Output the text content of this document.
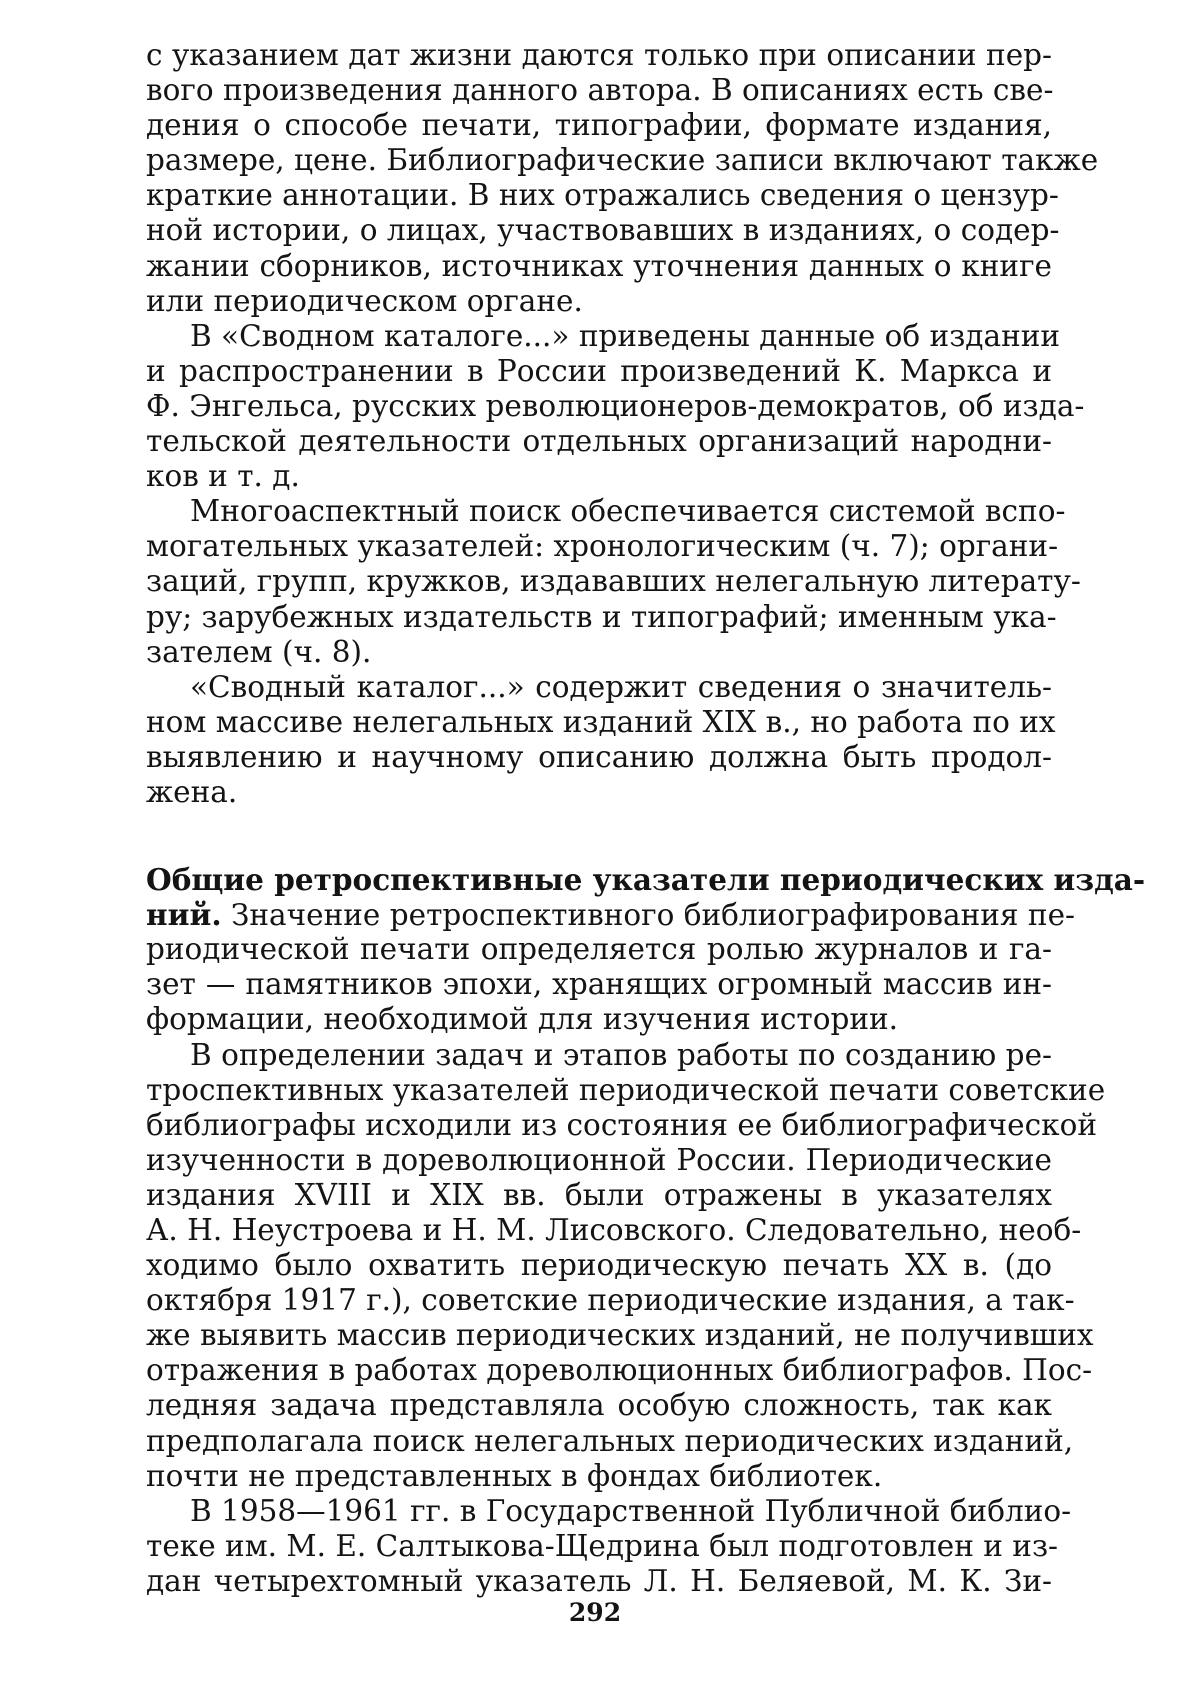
с указанием дат жизни даются только при описании пер-
вого произведения данного автора. В описаниях есть све-
дения о способе печати, типографии, формате издания,
размере, цене. Библиографические записи включают также
краткие аннотации. В них отражались сведения о цензур-
ной истории, о лицах, участвовавших в изданиях, о содер-
жании сборников, источниках уточнения данных о книге
или периодическом органе.

В «Сводном каталоге...» приведены данные об издании
и распространении в России произведений К. Маркса и
Ф. Энгельса, русских революционеров-демократов, об изда-
тельской деятельности отдельных организаций народни-
ков и т. д.

Многоаспектный поиск обеспечивается системой вспо-
могательных указателей: хронологическим (ч. 7); органи-
заций, групп, кружков, издававших нелегальную литерату-
ру; зарубежных издательств и типографий; именным ука-
зателем (ч. 8).

«Сводный каталог...» содержит сведения о значитель-
ном массиве нелегальных изданий XIX в., но работа по их
выявлению и научному описанию должна быть продол-
жена.

Общие ретроспективные указатели периодических изда-
ний. Значение ретроспективного библиографирования пе-
риодической печати определяется ролью журналов и га-
зет — памятников эпохи, хранящих огромный массив ин-
формации, необходимой для изучения истории.

В определении задач и этапов работы по созданию ре-
троспективных указателей периодической печати советские
библиографы исходили из состояния ее библиографической
изученности в дореволюционной России. Периодические
издания XVIII и XIX вв. были отражены в указателях
А. Н. Неустроева и Н. М. Лисовского. Следовательно, необ-
ходимо было охватить периодическую печать XX в. (до
октября 1917 г.), советские периодические издания, а так-
же выявить массив периодических изданий, не получивших
отражения в работах дореволюционных библиографов. Пос-
ледняя задача представляла особую сложность, так как
предполагала поиск нелегальных периодических изданий,
почти не представленных в фондах библиотек.

В 1958—1961 гг. в Государственной Публичной библио-
теке им. М. Е. Салтыкова-Щедрина был подготовлен и из-
дан четырехтомный указатель Л. Н. Беляевой, М. К. Зи-

292
